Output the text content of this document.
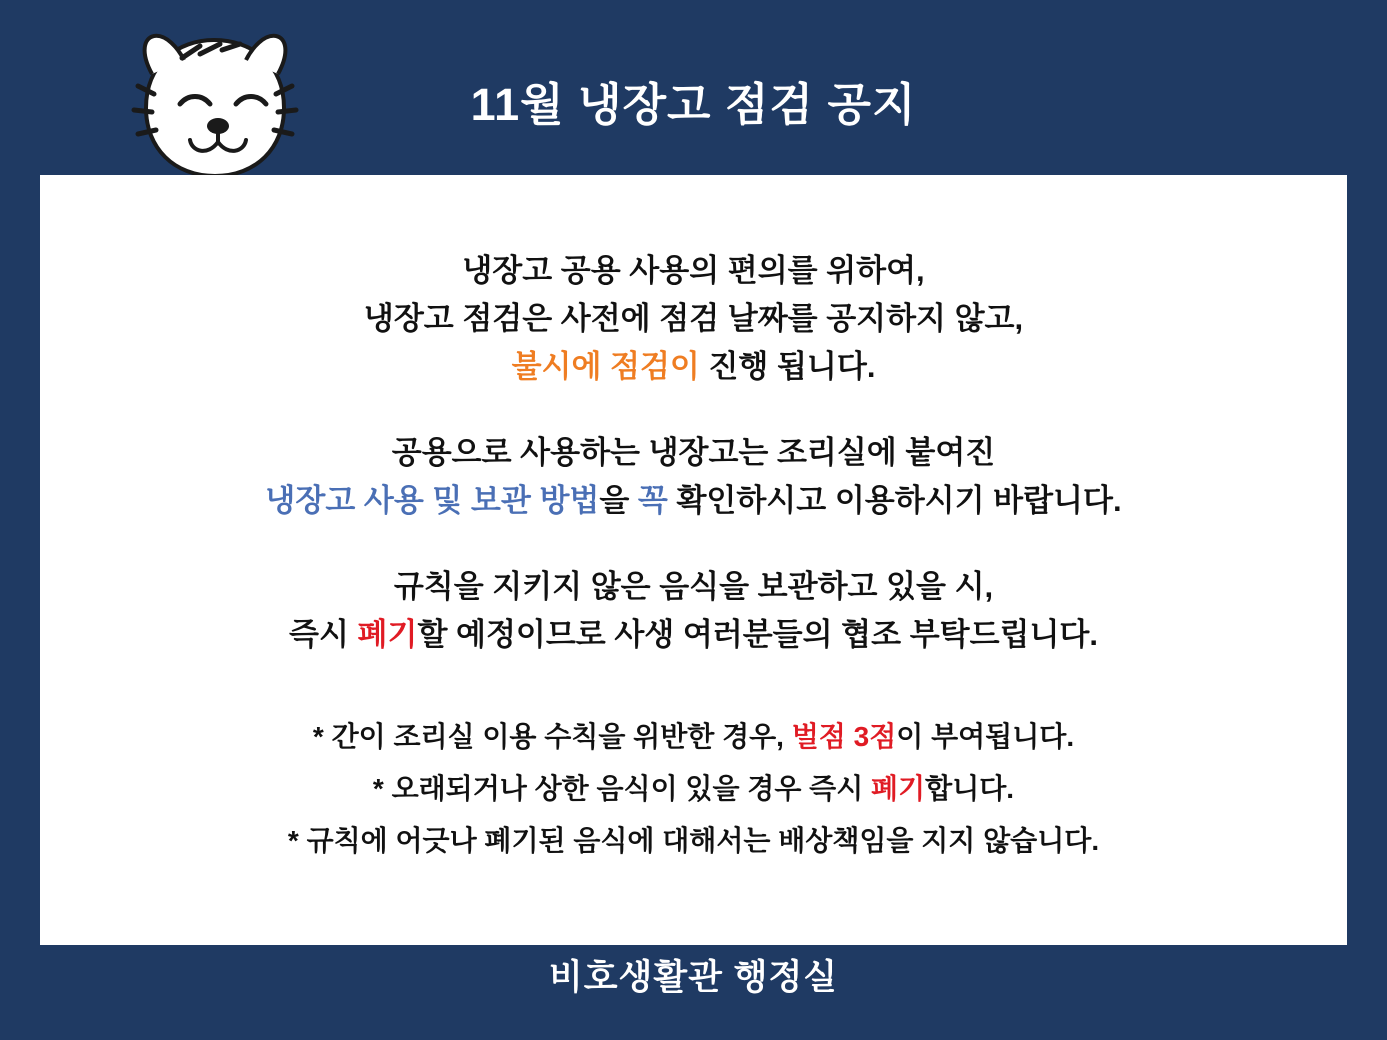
11월 냉장고 점검 공지

냉장고 공용 사용의 편의를 위하여,
냉장고 점검은 사전에 점검 날짜를 공지하지 않고,
불시에 점검이 진행 됩니다.

공용으로 사용하는 냉장고는 조리실에 붙여진
냉장고 사용 및 보관 방법을 꼭 확인하시고 이용하시기 바랍니다.

규칙을 지키지 않은 음식을 보관하고 있을 시,
즉시 폐기할 예정이므로 사생 여러분들의 협조 부탁드립니다.

* 간이 조리실 이용 수칙을 위반한 경우, 벌점 3점이 부여됩니다.
* 오래되거나 상한 음식이 있을 경우 즉시 폐기합니다.
* 규칙에 어긋나 폐기된 음식에 대해서는 배상책임을 지지 않습니다.
비호생활관 행정실
